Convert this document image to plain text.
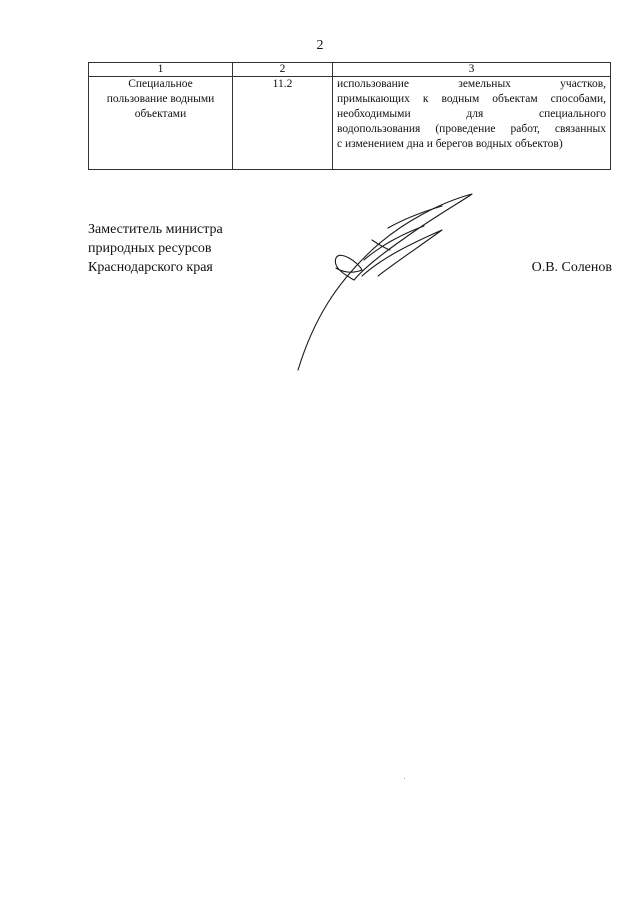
2
1	2	3

Специальное
пользование водными
объектами	11.2	использование земельных участков,
примыкающих к водным объектам способами,
необходимыми для специального
водопользования (проведение работ, связанных
с изменением дна и берегов водных объектов)
Заместитель министра
природных ресурсов
Краснодарского края	О.В. Соленов
